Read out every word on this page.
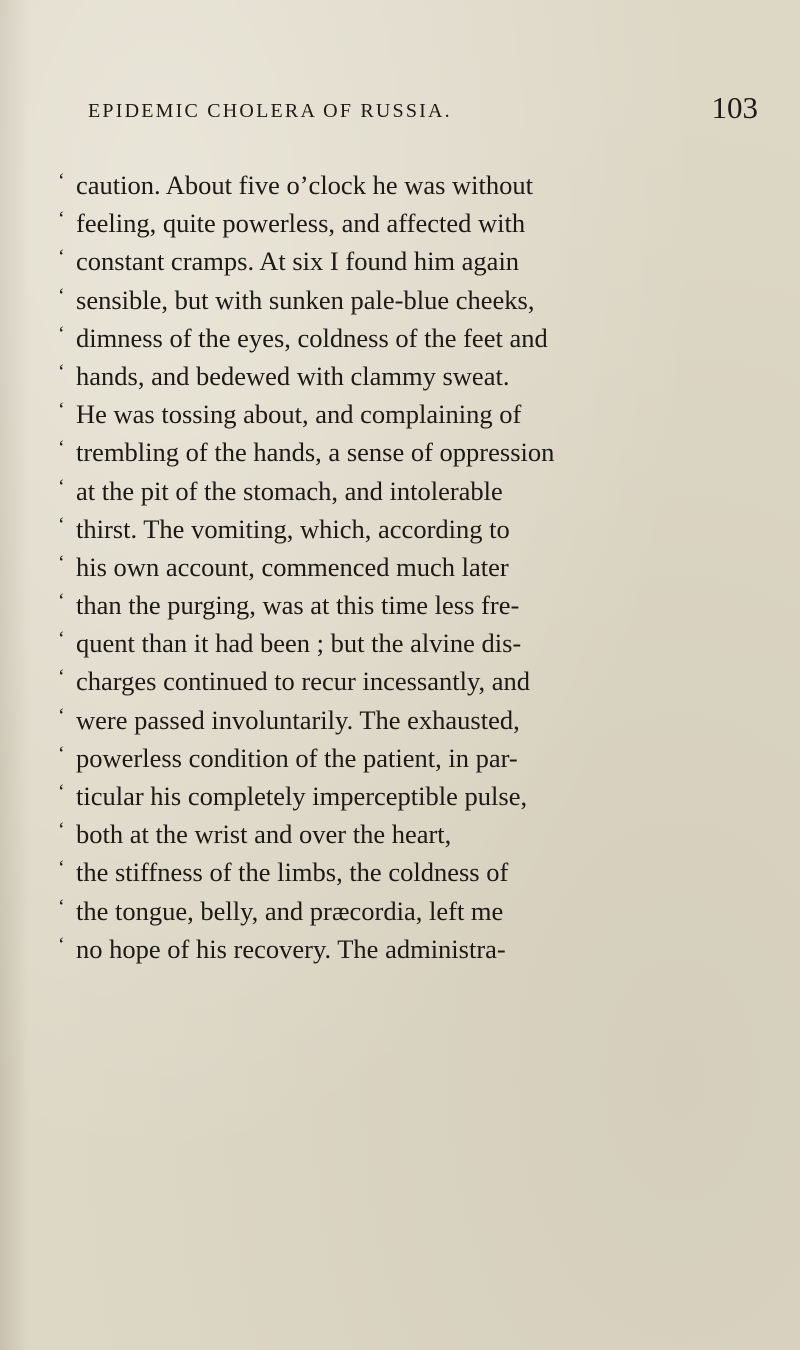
EPIDEMIC CHOLERA OF RUSSIA.	103
‘ caution. About five o’clock he was without
‘ feeling, quite powerless, and affected with
‘ constant cramps. At six I found him again
‘ sensible, but with sunken pale-blue cheeks,
‘ dimness of the eyes, coldness of the feet and
‘ hands, and bedewed with clammy sweat.
‘ He was tossing about, and complaining of
‘ trembling of the hands, a sense of oppression
‘ at the pit of the stomach, and intolerable
‘ thirst. The vomiting, which, according to
‘ his own account, commenced much later
‘ than the purging, was at this time less fre-
‘ quent than it had been ; but the alvine dis-
‘ charges continued to recur incessantly, and
‘ were passed involuntarily. The exhausted,
‘ powerless condition of the patient, in par-
‘ ticular his completely imperceptible pulse,
‘ both at the wrist and over the heart,
‘ the stiffness of the limbs, the coldness of
‘ the tongue, belly, and præcordia, left me
‘ no hope of his recovery. The administra-
